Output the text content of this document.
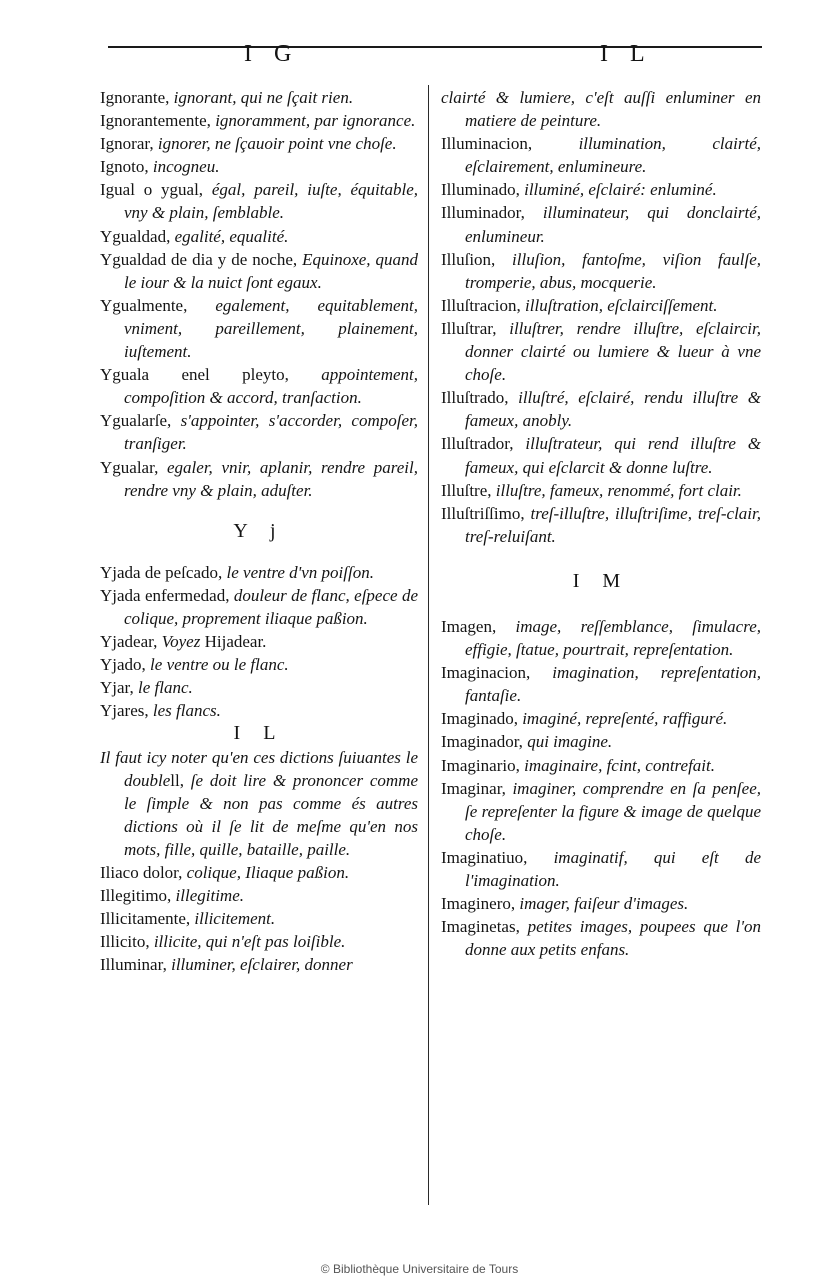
I G	I L
Ignorante, ignorant, qui ne ſçait rien.
Ignorantemente, ignoramment, par ignorance.
Ignorar, ignorer, ne ſçauoir point vne choſe.
Ignoto, incogneu.
Igual o ygual, égal, pareil, iuſte, équitable, vny & plain, ſemblable.
Ygualdad, egalité, equalité.
Ygualdad de dia y de noche, Equinoxe, quand le iour & la nuict ſont egaux.
Ygualmente, egalement, equitablement, vniment, pareillement, plainement, iuſtement.
Yguala enel pleyto, appointement, compoſition & accord, tranſaction.
Ygualarſe, s'appointer, s'accorder, compoſer, tranſiger.
Ygualar, egaler, vnir, aplanir, rendre pareil, rendre vny & plain, aduſter.
Y j
Yjada de peſcado, le ventre d'vn poiſſon.
Yjada enfermedad, douleur de flanc, eſpece de colique, proprement iliaque paßion.
Yjadear, Voyez Hijadear.
Yjado, le ventre ou le flanc.
Yjar, le flanc.
Yjares, les flancs.
I L
Il faut icy noter qu'en ces dictions ſuiuantes le doublell, ſe doit lire & prononcer comme le ſimple & non pas comme és autres dictions où il ſe lit de meſme qu'en nos mots, fille, quille, bataille, paille.
Iliaco dolor, colique, Iliaque paßion.
Illegitimo, illegitime.
Illicitamente, illicitement.
Illicito, illicite, qui n'eſt pas loiſible.
Illuminar, illuminer, eſclairer, donner
clairté & lumiere, c'eſt auſſi enluminer en matiere de peinture.
Illuminacion,	illumination, clairté, eſclairement, enlumineure.
Illuminado, illuminé, eſclairé: enluminé.
Illuminador, illuminateur, qui donclairté, enlumineur.
Illuſion, illuſion, fantoſme, viſion faulſe, tromperie, abus, mocquerie.
Illuſtracion, illuſtration, eſclairciſſement.
Illuſtrar, illuſtrer, rendre illuſtre, eſclaircir, donner clairté ou lumiere & lueur à vne choſe.
Illuſtrado, illuſtré, eſclairé, rendu illuſtre & fameux, anobly.
Illuſtrador, illuſtrateur, qui rend illuſtre & fameux, qui eſclarcit & donne luſtre.
Illuſtre, illuſtre, fameux, renommé, fort clair.
Illuſtriſſimo, treſ-illuſtre, illuſtriſime, treſ-clair, treſ-reluiſant.
I M
Imagen, image, reſſemblance, ſimulacre, effigie, ſtatue, pourtrait, repreſentation.
Imaginacion, imagination, repreſentation, fantaſie.
Imaginado, imaginé, repreſenté, raffiguré.
Imaginador, qui imagine.
Imaginario, imaginaire, fcint, contrefait.
Imaginar, imaginer, comprendre en ſa penſee, ſe repreſenter la figure & image de quelque choſe.
Imaginatiuo, imaginatif, qui eſt de l'imagination.
Imaginero, imager, faiſeur d'images.
Imaginetas, petites images, poupees que l'on donne aux petits enfans.
© Bibliothèque Universitaire de Tours
